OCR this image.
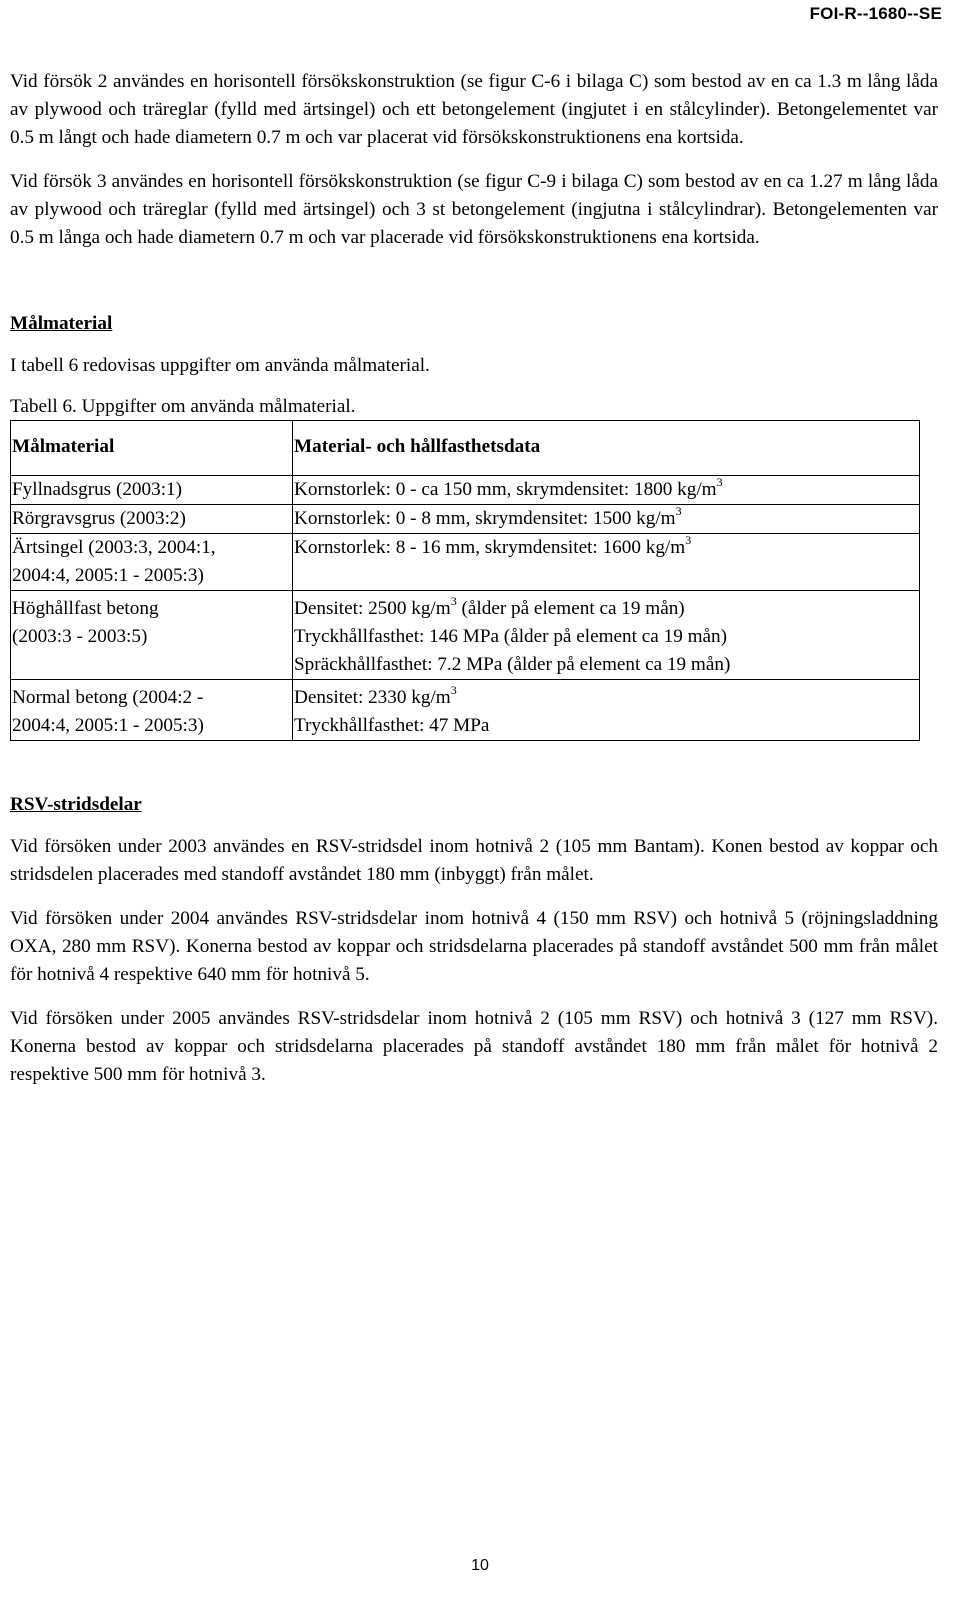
FOI-R--1680--SE

Vid försök 2 användes en horisontell försökskonstruktion (se figur C-6 i bilaga C) som bestod av en ca 1.3 m lång låda av plywood och träreglar (fylld med ärtsingel) och ett betongelement (ingjutet i en stålcylinder). Betongelementet var 0.5 m långt och hade diametern 0.7 m och var placerat vid försökskonstruktionens ena kortsida.

Vid försök 3 användes en horisontell försökskonstruktion (se figur C-9 i bilaga C) som bestod av en ca 1.27 m lång låda av plywood och träreglar (fylld med ärtsingel) och 3 st betongelement (ingjutna i stålcylindrar). Betongelementen var 0.5 m långa och hade diametern 0.7 m och var placerade vid försökskonstruktionens ena kortsida.

Målmaterial

I tabell 6 redovisas uppgifter om använda målmaterial.

Tabell 6. Uppgifter om använda målmaterial.

Målmaterial	Material- och hållfasthetsdata

Fyllnadsgrus (2003:1)	Kornstorlek: 0 - ca 150 mm, skrymdensitet: 1800 $kg/m^3$

Rörgravsgrus (2003:2)	Kornstorlek: 0 - 8 mm, skrymdensitet: 1500 $kg/m^3$

Ärtsingel (2003:3, 2004:1,
2004:4, 2005:1 - 2005:3)	Kornstorlek: 8 - 16 mm, skrymdensitet: 1600 $kg/m^3$

Höghållfast betong
(2003:3 - 2003:5)	Densitet: 2500 $kg/m^3$ (ålder på element ca 19 mån)
Tryckhållfasthet: 146 MPa (ålder på element ca 19 mån)
Spräckhållfasthet: 7.2 MPa (ålder på element ca 19 mån)

Normal betong (2004:2 -
2004:4, 2005:1 - 2005:3)	Densitet: 2330 $kg/m^3$
Tryckhållfasthet: 47 MPa

RSV-stridsdelar

Vid försöken under 2003 användes en RSV-stridsdel inom hotnivå 2 (105 mm Bantam). Konen bestod av koppar och stridsdelen placerades med standoff avståndet 180 mm (inbyggt) från målet.

Vid försöken under 2004 användes RSV-stridsdelar inom hotnivå 4 (150 mm RSV) och hotnivå 5 (röjningsladdning OXA, 280 mm RSV). Konerna bestod av koppar och stridsdelarna placerades på standoff avståndet 500 mm från målet för hotnivå 4 respektive 640 mm för hotnivå 5.

Vid försöken under 2005 användes RSV-stridsdelar inom hotnivå 2 (105 mm RSV) och hotnivå 3 (127 mm RSV). Konerna bestod av koppar och stridsdelarna placerades på standoff avståndet 180 mm från målet för hotnivå 2 respektive 500 mm för hotnivå 3.

10
